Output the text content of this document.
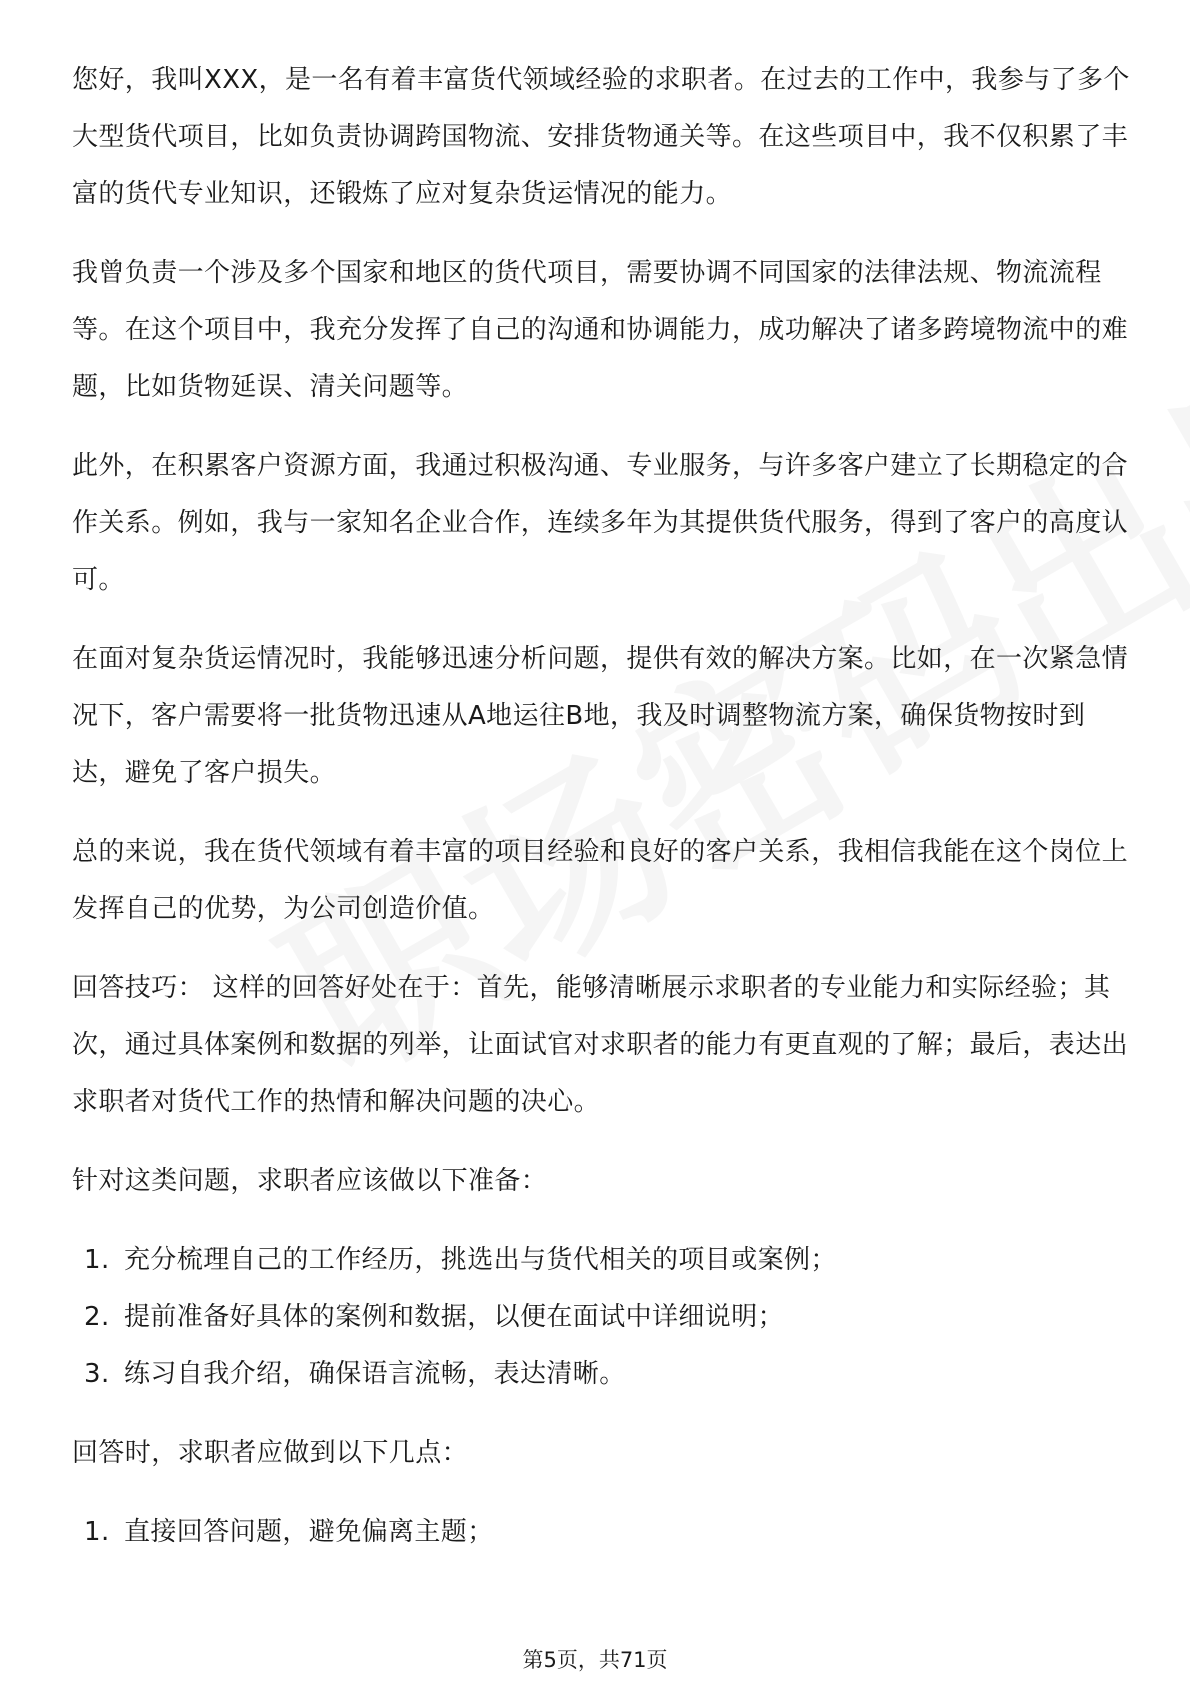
您好，我叫XXX，是一名有着丰富货代领域经验的求职者。在过去的工作中，我参与了多个大型货代项目，比如负责协调跨国物流、安排货物通关等。在这些项目中，我不仅积累了丰富的货代专业知识，还锻炼了应对复杂货运情况的能力。

我曾负责一个涉及多个国家和地区的货代项目，需要协调不同国家的法律法规、物流流程等。在这个项目中，我充分发挥了自己的沟通和协调能力，成功解决了诸多跨境物流中的难题，比如货物延误、清关问题等。

此外，在积累客户资源方面，我通过积极沟通、专业服务，与许多客户建立了长期稳定的合作关系。例如，我与一家知名企业合作，连续多年为其提供货代服务，得到了客户的高度认可。

在面对复杂货运情况时，我能够迅速分析问题，提供有效的解决方案。比如，在一次紧急情况下，客户需要将一批货物迅速从A地运往B地，我及时调整物流方案，确保货物按时到达，避免了客户损失。

总的来说，我在货代领域有着丰富的项目经验和良好的客户关系，我相信我能在这个岗位上发挥自己的优势，为公司创造价值。

回答技巧： 这样的回答好处在于：首先，能够清晰展示求职者的专业能力和实际经验；其次，通过具体案例和数据的列举，让面试官对求职者的能力有更直观的了解；最后，表达出求职者对货代工作的热情和解决问题的决心。

针对这类问题，求职者应该做以下准备：

1. 充分梳理自己的工作经历，挑选出与货代相关的项目或案例；
2. 提前准备好具体的案例和数据，以便在面试中详细说明；
3. 练习自我介绍，确保语言流畅，表达清晰。

回答时，求职者应做到以下几点：

1. 直接回答问题，避免偏离主题；
第5页，共71页
